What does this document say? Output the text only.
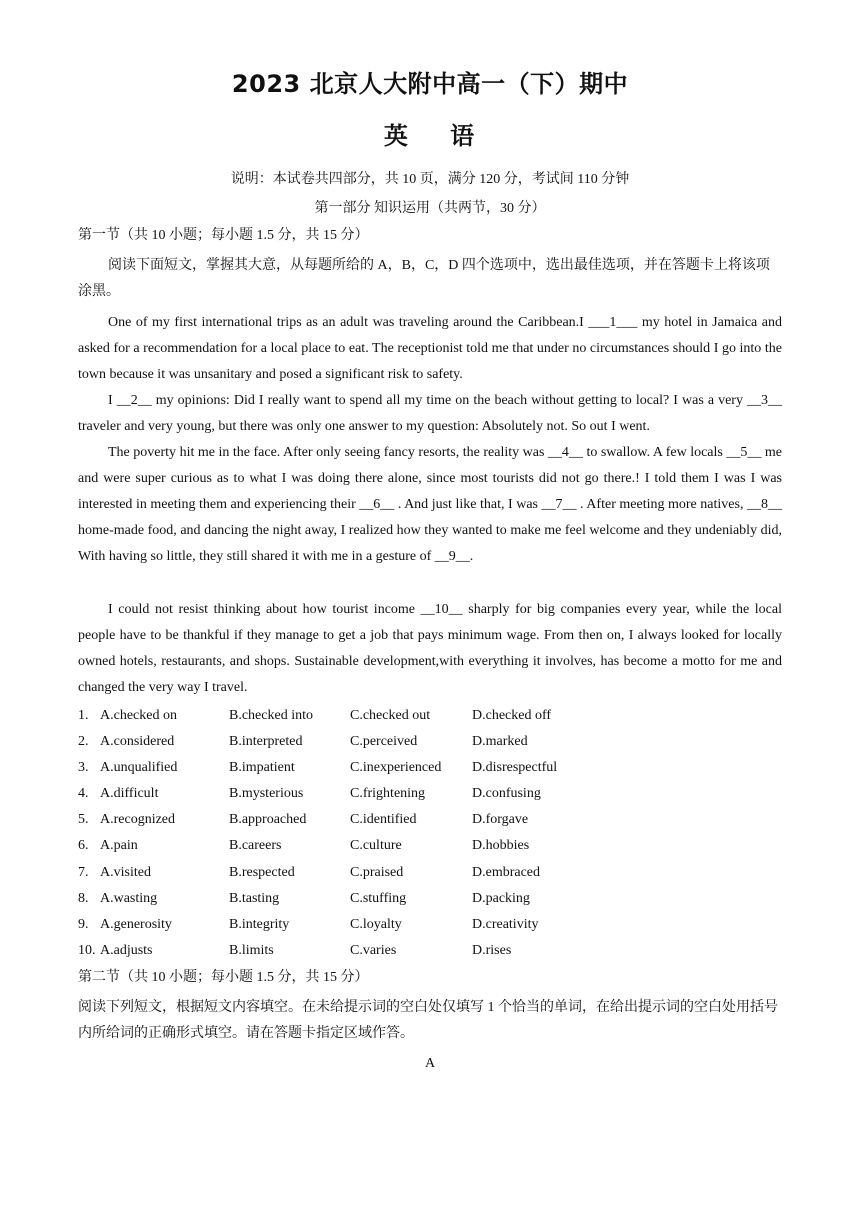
2023 北京人大附中高一（下）期中
英 语
说明：本试卷共四部分，共 10 页，满分 120 分，考试间 110 分钟
第一部分 知识运用（共两节，30 分）
第一节（共 10 小题；每小题 1.5 分，共 15 分）
阅读下面短文，掌握其大意，从每题所给的 A，B，C，D 四个选项中，选出最佳选项，并在答题卡上将该项涂黑。
One of my first international trips as an adult was traveling around the Caribbean.I ___1___ my hotel in Jamaica and asked for a recommendation for a local place to eat. The receptionist told me that under no circumstances should I go into the town because it was unsanitary and posed a significant risk to safety.
I __2__ my opinions: Did I really want to spend all my time on the beach without getting to local? I was a very __3__ traveler and very young, but there was only one answer to my question: Absolutely not. So out I went.
The poverty hit me in the face. After only seeing fancy resorts, the reality was __4__ to swallow. A few locals __5__ me and were super curious as to what I was doing there alone, since most tourists did not go there.! I told them I was I was interested in meeting them and experiencing their __6__ . And just like that, I was __7__ . After meeting more natives, __8__ home-made food, and dancing the night away, I realized how they wanted to make me feel welcome and they undeniably did, With having so little, they still shared it with me in a gesture of __9__.
I could not resist thinking about how tourist income __10__ sharply for big companies every year, while the local people have to be thankful if they manage to get a job that pays minimum wage. From then on, I always looked for locally owned hotels, restaurants, and shops. Sustainable development,with everything it involves, has become a motto for me and changed the very way I travel.
1. A.checked on	B.checked into	C.checked out	D.checked off
2. A.considered	B.interpreted	C.perceived	D.marked
3. A.unqualified	B.impatient	C.inexperienced D.disrespectful
4. A.difficult	B.mysterious	C.frightening	D.confusing
5. A.recognized	B.approached	C.identified	D.forgave
6. A.pain	B.careers	C.culture	D.hobbies
7. A.visited	B.respected	C.praised	D.embraced
8. A.wasting	B.tasting	C.stuffing	D.packing
9. A.generosity	B.integrity	C.loyalty	D.creativity
10. A.adjusts	B.limits	C.varies	D.rises
第二节（共 10 小题；每小题 1.5 分，共 15 分）
阅读下列短文，根据短文内容填空。在未给提示词的空白处仅填写 1 个恰当的单词，在给出提示词的空白处用括号内所给词的正确形式填空。请在答题卡指定区域作答。
A
